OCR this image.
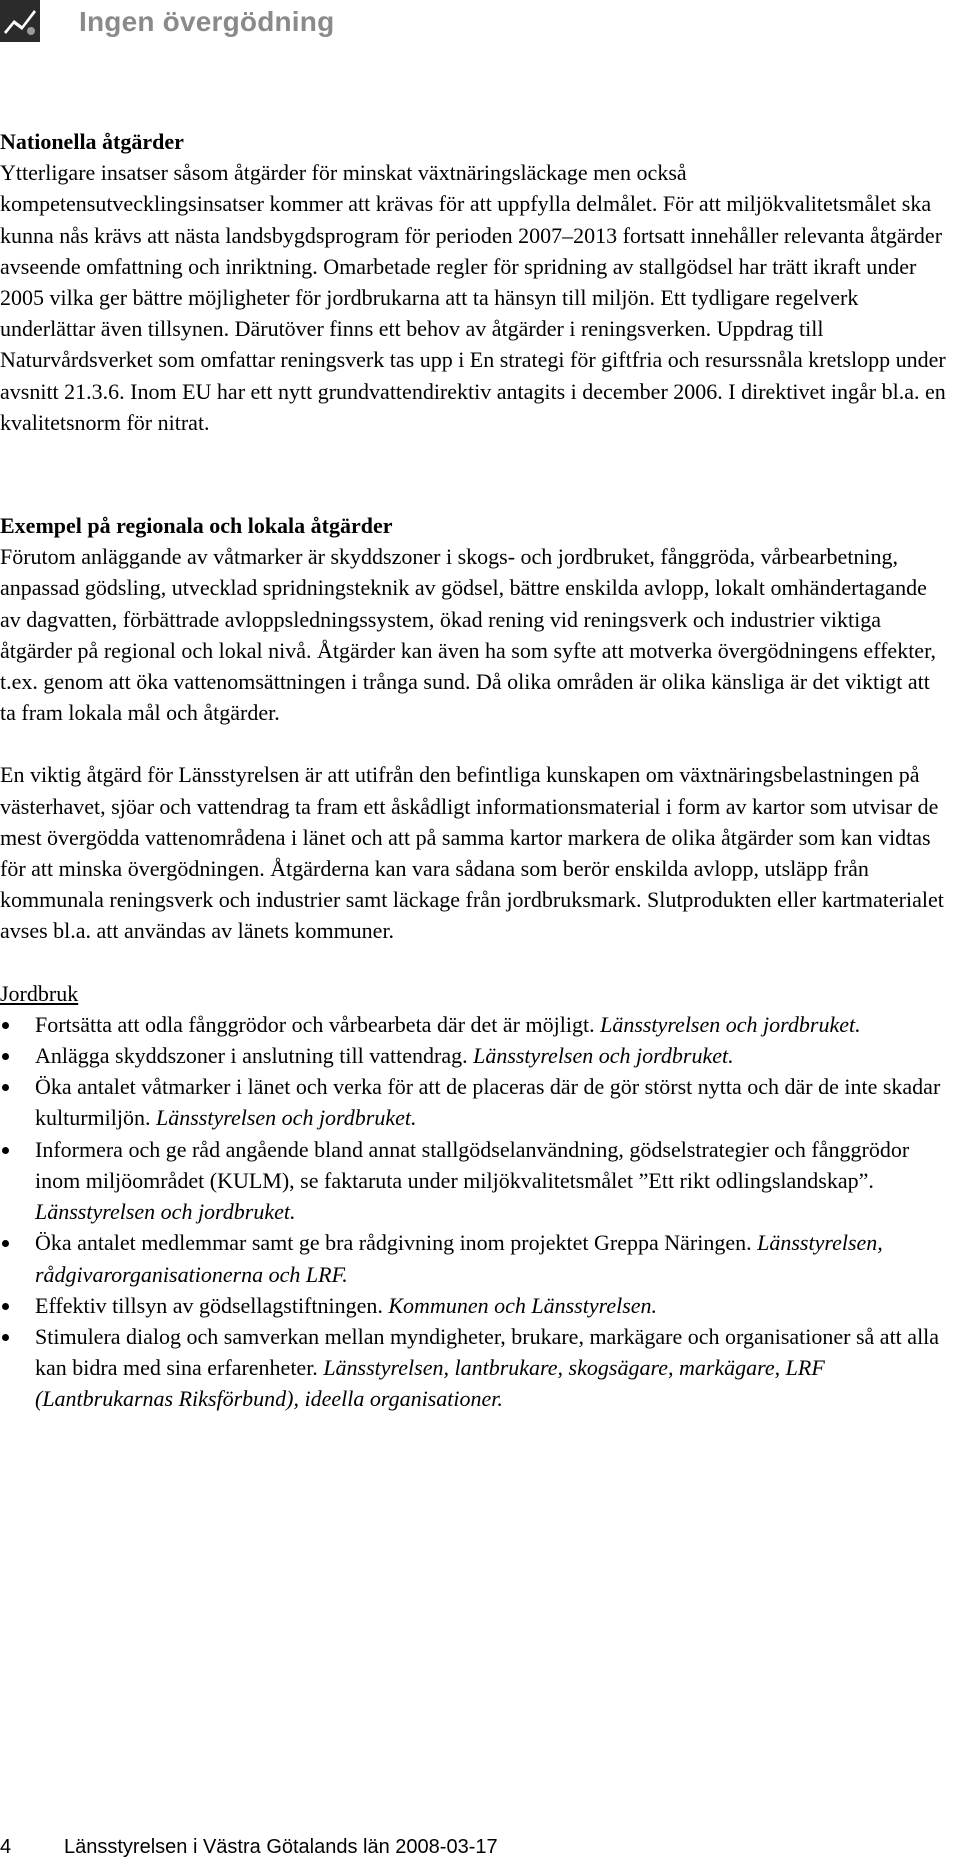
Ingen övergödning

Nationella åtgärder
Ytterligare insatser såsom åtgärder för minskat växtnäringsläckage men också kompetensutvecklingsinsatser kommer att krävas för att uppfylla delmålet. För att miljökvalitetsmålet ska kunna nås krävs att nästa landsbygdsprogram för perioden 2007–2013 fortsatt innehåller relevanta åtgärder avseende omfattning och inriktning. Omarbetade regler för spridning av stallgödsel har trätt ikraft under 2005 vilka ger bättre möjligheter för jordbrukarna att ta hänsyn till miljön. Ett tydligare regelverk underlättar även tillsynen. Därutöver finns ett behov av åtgärder i reningsverken. Uppdrag till Naturvårdsverket som omfattar reningsverk tas upp i En strategi för giftfria och resurssnåla kretslopp under avsnitt 21.3.6. Inom EU har ett nytt grundvattendirektiv antagits i december 2006. I direktivet ingår bl.a. en kvalitetsnorm för nitrat.

Exempel på regionala och lokala åtgärder
Förutom anläggande av våtmarker är skyddszoner i skogs- och jordbruket, fånggröda, vårbearbetning, anpassad gödsling, utvecklad spridningsteknik av gödsel, bättre enskilda avlopp, lokalt omhändertagande av dagvatten, förbättrade avloppsledningssystem, ökad rening vid reningsverk och industrier viktiga åtgärder på regional och lokal nivå. Åtgärder kan även ha som syfte att motverka övergödningens effekter, t.ex. genom att öka vattenomsättningen i trånga sund. Då olika områden är olika känsliga är det viktigt att ta fram lokala mål och åtgärder.

En viktig åtgärd för Länsstyrelsen är att utifrån den befintliga kunskapen om växtnäringsbelastningen på västerhavet, sjöar och vattendrag ta fram ett åskådligt informationsmaterial i form av kartor som utvisar de mest övergödda vattenområdena i länet och att på samma kartor markera de olika åtgärder som kan vidtas för att minska övergödningen. Åtgärderna kan vara sådana som berör enskilda avlopp, utsläpp från kommunala reningsverk och industrier samt läckage från jordbruksmark. Slutprodukten eller kartmaterialet avses bl.a. att användas av länets kommuner.

Jordbruk
Fortsätta att odla fånggrödor och vårbearbeta där det är möjligt. Länsstyrelsen och jordbruket.
Anlägga skyddszoner i anslutning till vattendrag. Länsstyrelsen och jordbruket.
Öka antalet våtmarker i länet och verka för att de placeras där de gör störst nytta och där de inte skadar kulturmiljön. Länsstyrelsen och jordbruket.
Informera och ge råd angående bland annat stallgödselanvändning, gödselstrategier och fånggrödor inom miljöområdet (KULM), se faktaruta under miljökvalitetsmålet ”Ett rikt odlingslandskap”. Länsstyrelsen och jordbruket.
Öka antalet medlemmar samt ge bra rådgivning inom projektet Greppa Näringen. Länsstyrelsen, rådgivarorganisationerna och LRF.
Effektiv tillsyn av gödsellagstiftningen. Kommunen och Länsstyrelsen.
Stimulera dialog och samverkan mellan myndigheter, brukare, markägare och organisationer så att alla kan bidra med sina erfarenheter. Länsstyrelsen, lantbrukare, skogsägare, markägare, LRF (Lantbrukarnas Riksförbund), ideella organisationer.
4	Länsstyrelsen i Västra Götalands län 2008-03-17
